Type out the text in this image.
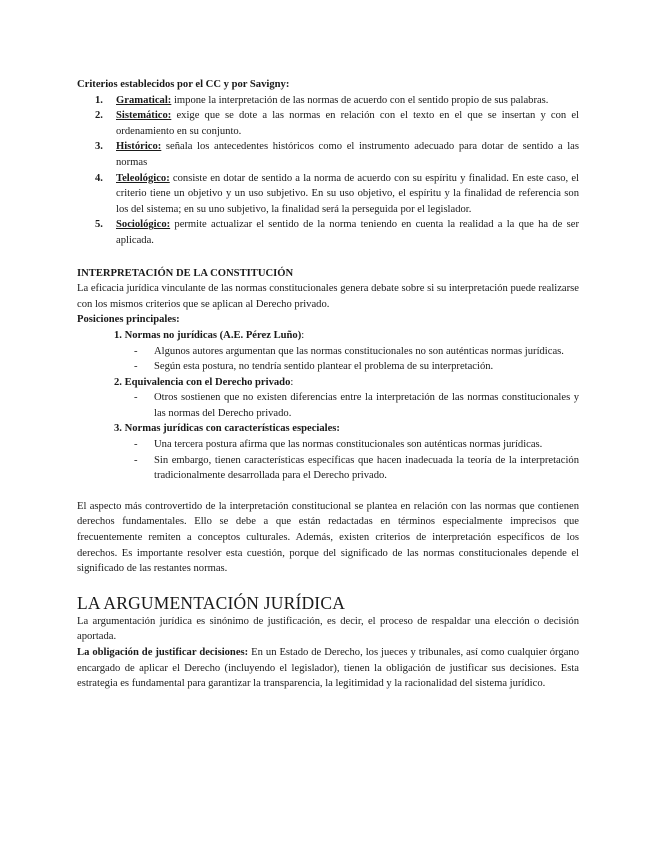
Criterios establecidos por el CC y por Savigny:

1. Gramatical: impone la interpretación de las normas de acuerdo con el sentido propio de sus palabras.
2. Sistemático: exige que se dote a las normas en relación con el texto en el que se insertan y con el ordenamiento en su conjunto.
3. Histórico: señala los antecedentes históricos como el instrumento adecuado para dotar de sentido a las normas
4. Teleológico: consiste en dotar de sentido a la norma de acuerdo con su espíritu y finalidad. En este caso, el criterio tiene un objetivo y un uso subjetivo. En su uso objetivo, el espíritu y la finalidad de referencia son los del sistema; en su uno subjetivo, la finalidad será la perseguida por el legislador.
5. Sociológico: permite actualizar el sentido de la norma teniendo en cuenta la realidad a la que ha de ser aplicada.

INTERPRETACIÓN DE LA CONSTITUCIÓN

La eficacia jurídica vinculante de las normas constitucionales genera debate sobre si su interpretación puede realizarse con los mismos criterios que se aplican al Derecho privado.

Posiciones principales:

1. Normas no jurídicas (A.E. Pérez Luño):

- Algunos autores argumentan que las normas constitucionales no son auténticas normas jurídicas.
- Según esta postura, no tendría sentido plantear el problema de su interpretación.

2. Equivalencia con el Derecho privado:

- Otros sostienen que no existen diferencias entre la interpretación de las normas constitucionales y las normas del Derecho privado.

3. Normas jurídicas con características especiales:

- Una tercera postura afirma que las normas constitucionales son auténticas normas jurídicas.
- Sin embargo, tienen características específicas que hacen inadecuada la teoría de la interpretación tradicionalmente desarrollada para el Derecho privado.

El aspecto más controvertido de la interpretación constitucional se plantea en relación con las normas que contienen derechos fundamentales. Ello se debe a que están redactadas en términos especialmente imprecisos que frecuentemente remiten a conceptos culturales. Además, existen criterios de interpretación específicos de los derechos. Es importante resolver esta cuestión, porque del significado de las normas constitucionales depende el significado de las restantes normas.

LA ARGUMENTACIÓN JURÍDICA

La argumentación jurídica es sinónimo de justificación, es decir, el proceso de respaldar una elección o decisión aportada.

La obligación de justificar decisiones: En un Estado de Derecho, los jueces y tribunales, así como cualquier órgano encargado de aplicar el Derecho (incluyendo el legislador), tienen la obligación de justificar sus decisiones. Esta estrategia es fundamental para garantizar la transparencia, la legitimidad y la racionalidad del sistema jurídico.
